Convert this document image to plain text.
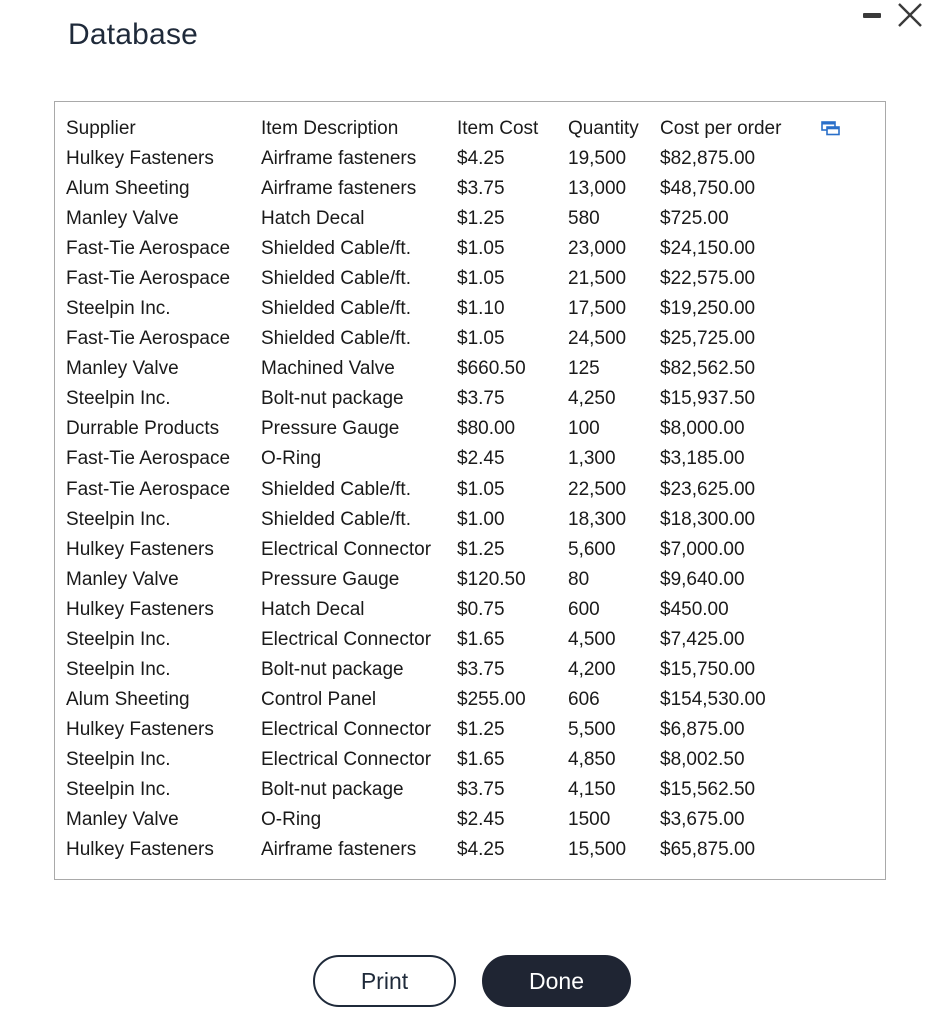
Database
Supplier	Item Description	Item Cost	Quantity	Cost per order
Hulkey Fasteners	Airframe fasteners	$4.25	19,500	$82,875.00
Alum Sheeting	Airframe fasteners	$3.75	13,000	$48,750.00
Manley Valve	Hatch Decal	$1.25	580	$725.00
Fast-Tie Aerospace	Shielded Cable/ft.	$1.05	23,000	$24,150.00
Fast-Tie Aerospace	Shielded Cable/ft.	$1.05	21,500	$22,575.00
Steelpin Inc.	Shielded Cable/ft.	$1.10	17,500	$19,250.00
Fast-Tie Aerospace	Shielded Cable/ft.	$1.05	24,500	$25,725.00
Manley Valve	Machined Valve	$660.50	125	$82,562.50
Steelpin Inc.	Bolt-nut package	$3.75	4,250	$15,937.50
Durrable Products	Pressure Gauge	$80.00	100	$8,000.00
Fast-Tie Aerospace	O-Ring	$2.45	1,300	$3,185.00
Fast-Tie Aerospace	Shielded Cable/ft.	$1.05	22,500	$23,625.00
Steelpin Inc.	Shielded Cable/ft.	$1.00	18,300	$18,300.00
Hulkey Fasteners	Electrical Connector	$1.25	5,600	$7,000.00
Manley Valve	Pressure Gauge	$120.50	80	$9,640.00
Hulkey Fasteners	Hatch Decal	$0.75	600	$450.00
Steelpin Inc.	Electrical Connector	$1.65	4,500	$7,425.00
Steelpin Inc.	Bolt-nut package	$3.75	4,200	$15,750.00
Alum Sheeting	Control Panel	$255.00	606	$154,530.00
Hulkey Fasteners	Electrical Connector	$1.25	5,500	$6,875.00
Steelpin Inc.	Electrical Connector	$1.65	4,850	$8,002.50
Steelpin Inc.	Bolt-nut package	$3.75	4,150	$15,562.50
Manley Valve	O-Ring	$2.45	1500	$3,675.00
Hulkey Fasteners	Airframe fasteners	$4.25	15,500	$65,875.00
Print	Done
